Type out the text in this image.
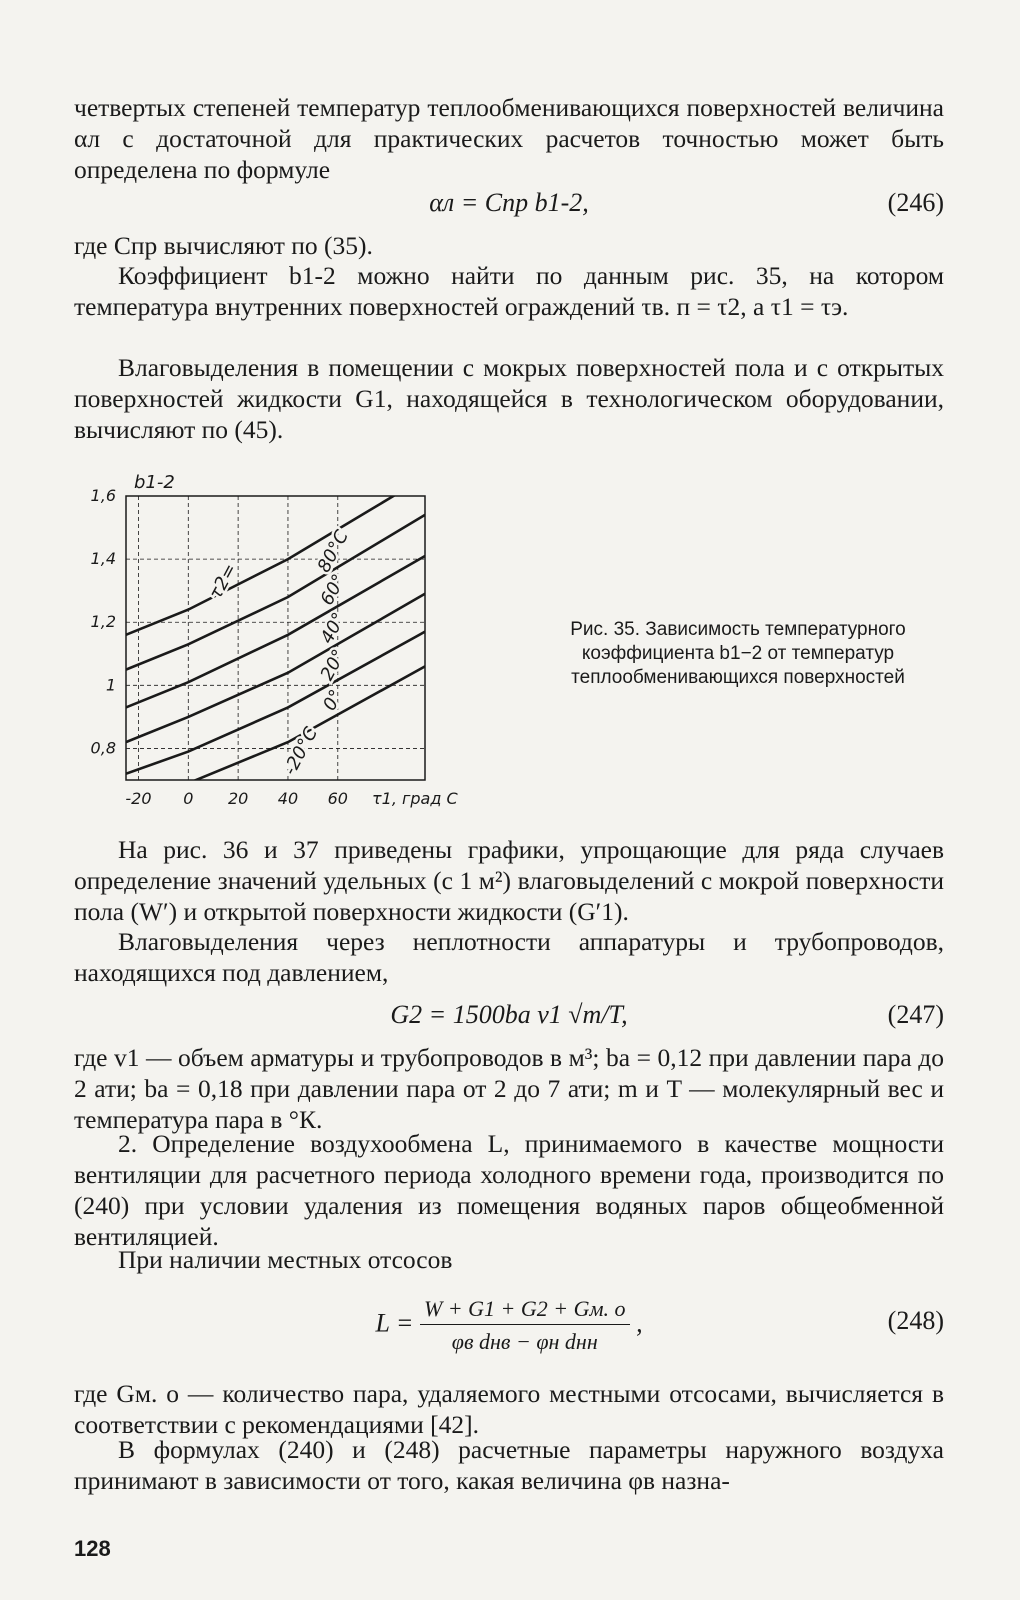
четвертых степеней температур теплообменивающихся поверхностей величина αл с достаточной для практических расчетов точностью может быть определена по формуле

αл = Cпр b1-2,	(246)

где Cпр вычисляют по (35).

Коэффициент b1-2 можно найти по данным рис. 35, на котором температура внутренних поверхностей ограждений τв. п = τ2, а τ1 = τэ.

Влаговыделения в помещении с мокрых поверхностей пола и с открытых поверхностей жидкости G1, находящейся в технологическом оборудовании, вычисляют по (45).

-20 0 20 40 60
1,6
1,4
1,2
1
0,8
80°C
60°
40°
20°
0°
-20°C
τ2=
b1-2
τ1, град С

Рис. 35. Зависимость температурного коэффициента b1−2 от температур теплообменивающихся поверхностей

На рис. 36 и 37 приведены графики, упрощающие для ряда случаев определение значений удельных (с 1 м²) влаговыделений с мокрой поверхности пола (W′) и открытой поверхности жидкости (G′1).

Влаговыделения через неплотности аппаратуры и трубопроводов, находящихся под давлением,

G2 = 1500bа v1 √m/T,	(247)

где v1 — объем арматуры и трубопроводов в м³; bа = 0,12 при давлении пара до 2 ати; bа = 0,18 при давлении пара от 2 до 7 ати; m и T — молекулярный вес и температура пара в °К.

2. Определение воздухообмена L, принимаемого в качестве мощности вентиляции для расчетного периода холодного времени года, производится по (240) при условии удаления из помещения водяных паров общеобменной вентиляцией.

При наличии местных отсосов

$L = \frac{W + G1 + G2 + Gм. о}{\text{φв dнв − φн dнн}}$ ,	(248)

где Gм. о — количество пара, удаляемого местными отсосами, вычисляется в соответствии с рекомендациями [42].

В формулах (240) и (248) расчетные параметры наружного воздуха принимают в зависимости от того, какая величина φв назна-

128
